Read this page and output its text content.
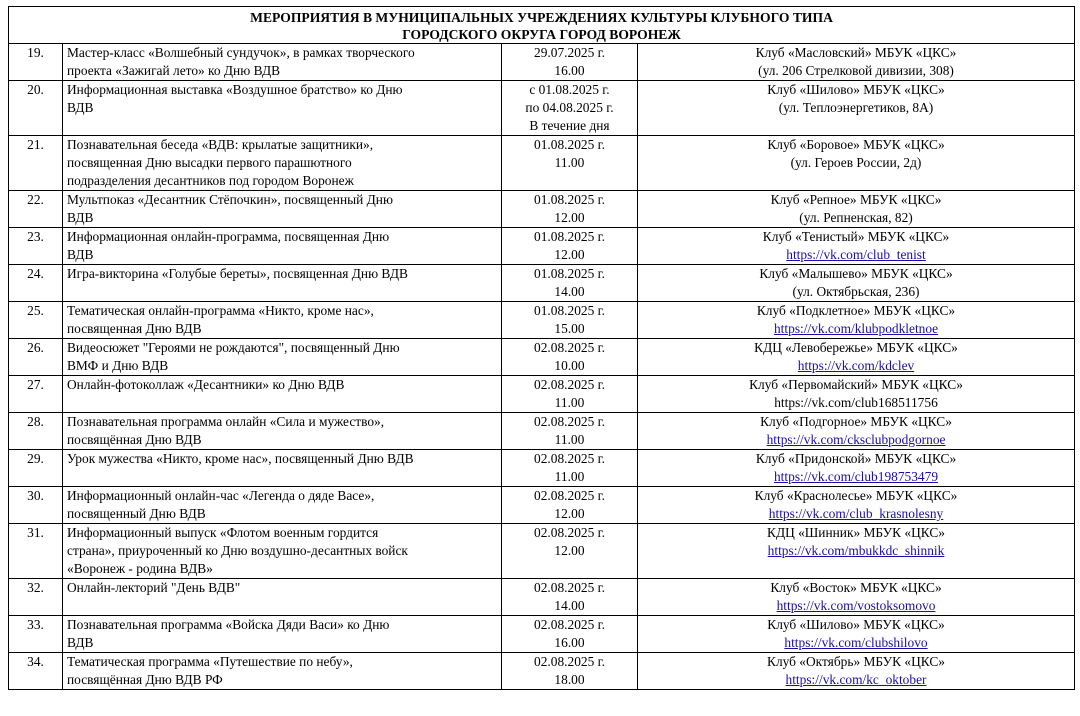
МЕРОПРИЯТИЯ В МУНИЦИПАЛЬНЫХ УЧРЕЖДЕНИЯХ КУЛЬТУРЫ КЛУБНОГО ТИПА
ГОРОДСКОГО ОКРУГА ГОРОД ВОРОНЕЖ			

19.	Мастер-класс «Волшебный сундучок», в рамках творческого
проекта «Зажигай лето» ко Дню ВДВ	29.07.2025 г.
16.00	Клуб «Масловский» МБУК «ЦКС»
(ул. 206 Стрелковой дивизии, 308)

20.	Информационная выставка «Воздушное братство» ко Дню
ВДВ	с 01.08.2025 г.
по 04.08.2025 г.
В течение дня	Клуб «Шилово» МБУК «ЦКС»
(ул. Теплоэнергетиков, 8А)

21.	Познавательная беседа «ВДВ: крылатые защитники»,
посвященная Дню высадки первого парашютного
подразделения десантников под городом Воронеж	01.08.2025 г.
11.00	Клуб «Боровое» МБУК «ЦКС»
(ул. Героев России, 2д)

22.	Мультпоказ «Десантник Стёпочкин», посвященный Дню
ВДВ	01.08.2025 г.
12.00	Клуб «Репное» МБУК «ЦКС»
(ул. Репненская, 82)

23.	Информационная онлайн-программа, посвященная Дню
ВДВ	01.08.2025 г.
12.00	Клуб «Тенистый» МБУК «ЦКС»
https://vk.com/club_tenist

24.	Игра-викторина «Голубые береты», посвященная Дню ВДВ	01.08.2025 г.
14.00	Клуб «Малышево» МБУК «ЦКС»
(ул. Октябрьская, 236)

25.	Тематическая онлайн-программа «Никто, кроме нас»,
посвященная Дню ВДВ	01.08.2025 г.
15.00	Клуб «Подклетное» МБУК «ЦКС»
https://vk.com/klubpodkletnoe

26.	Видеосюжет "Героями не рождаются", посвященный Дню
ВМФ и Дню ВДВ	02.08.2025 г.
10.00	КДЦ «Левобережье» МБУК «ЦКС»
https://vk.com/kdclev

27.	Онлайн-фотоколлаж «Десантники» ко Дню ВДВ	02.08.2025 г.
11.00	Клуб «Первомайский» МБУК «ЦКС»
https://vk.com/club168511756

28.	Познавательная программа онлайн «Сила и мужество»,
посвящённая Дню ВДВ	02.08.2025 г.
11.00	Клуб «Подгорное» МБУК «ЦКС»
https://vk.com/cksclubpodgornoe

29.	Урок мужества «Никто, кроме нас», посвященный Дню ВДВ	02.08.2025 г.
11.00	Клуб «Придонской» МБУК «ЦКС»
https://vk.com/club198753479

30.	Информационный онлайн-час «Легенда о дяде Васе»,
посвященный Дню ВДВ	02.08.2025 г.
12.00	Клуб «Краснолесье» МБУК «ЦКС»
https://vk.com/club_krasnolesny

31.	Информационный выпуск «Флотом военным гордится
страна», приуроченный ко Дню воздушно-десантных войск
«Воронеж - родина ВДВ»	02.08.2025 г.
12.00	КДЦ «Шинник» МБУК «ЦКС»
https://vk.com/mbukkdc_shinnik

32.	Онлайн-лекторий "День ВДВ"	02.08.2025 г.
14.00	Клуб «Восток» МБУК «ЦКС»
https://vk.com/vostoksomovo

33.	Познавательная программа «Войска Дяди Васи» ко Дню
ВДВ	02.08.2025 г.
16.00	Клуб «Шилово» МБУК «ЦКС»
https://vk.com/clubshilovo

34.	Тематическая программа «Путешествие по небу»,
посвящённая Дню ВДВ РФ	02.08.2025 г.
18.00	Клуб «Октябрь» МБУК «ЦКС»
https://vk.com/kc_oktober
